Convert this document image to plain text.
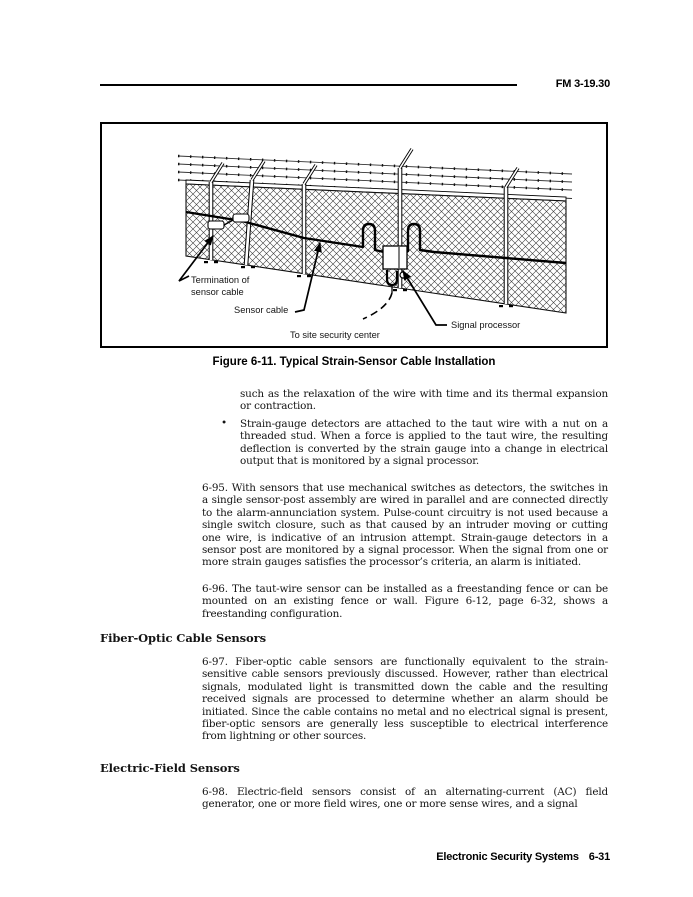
FM 3-19.30
Termination of
sensor cable
Sensor cable
To site security center
Signal processor
Figure 6-11. Typical Strain-Sensor Cable Installation
such as the relaxation of the wire with time and its thermal expansion or contraction.
• Strain-gauge detectors are attached to the taut wire with a nut on a threaded stud. When a force is applied to the taut wire, the resulting deflection is converted by the strain gauge into a change in electrical output that is monitored by a signal processor.
6-95. With sensors that use mechanical switches as detectors, the switches in a single sensor-post assembly are wired in parallel and are connected directly to the alarm-annunciation system. Pulse-count circuitry is not used because a single switch closure, such as that caused by an intruder moving or cutting one wire, is indicative of an intrusion attempt. Strain-gauge detectors in a sensor post are monitored by a signal processor. When the signal from one or more strain gauges satisfies the processor’s criteria, an alarm is initiated.
6-96. The taut-wire sensor can be installed as a freestanding fence or can be mounted on an existing fence or wall. Figure 6-12, page 6-32, shows a freestanding configuration.
Fiber-Optic Cable Sensors
6-97. Fiber-optic cable sensors are functionally equivalent to the strain-sensitive cable sensors previously discussed. However, rather than electrical signals, modulated light is transmitted down the cable and the resulting received signals are processed to determine whether an alarm should be initiated. Since the cable contains no metal and no electrical signal is present, fiber-optic sensors are generally less susceptible to electrical interference from lightning or other sources.
Electric-Field Sensors
6-98. Electric-field sensors consist of an alternating-current (AC) field generator, one or more field wires, one or more sense wires, and a signal
Electronic Security Systems 6-31
